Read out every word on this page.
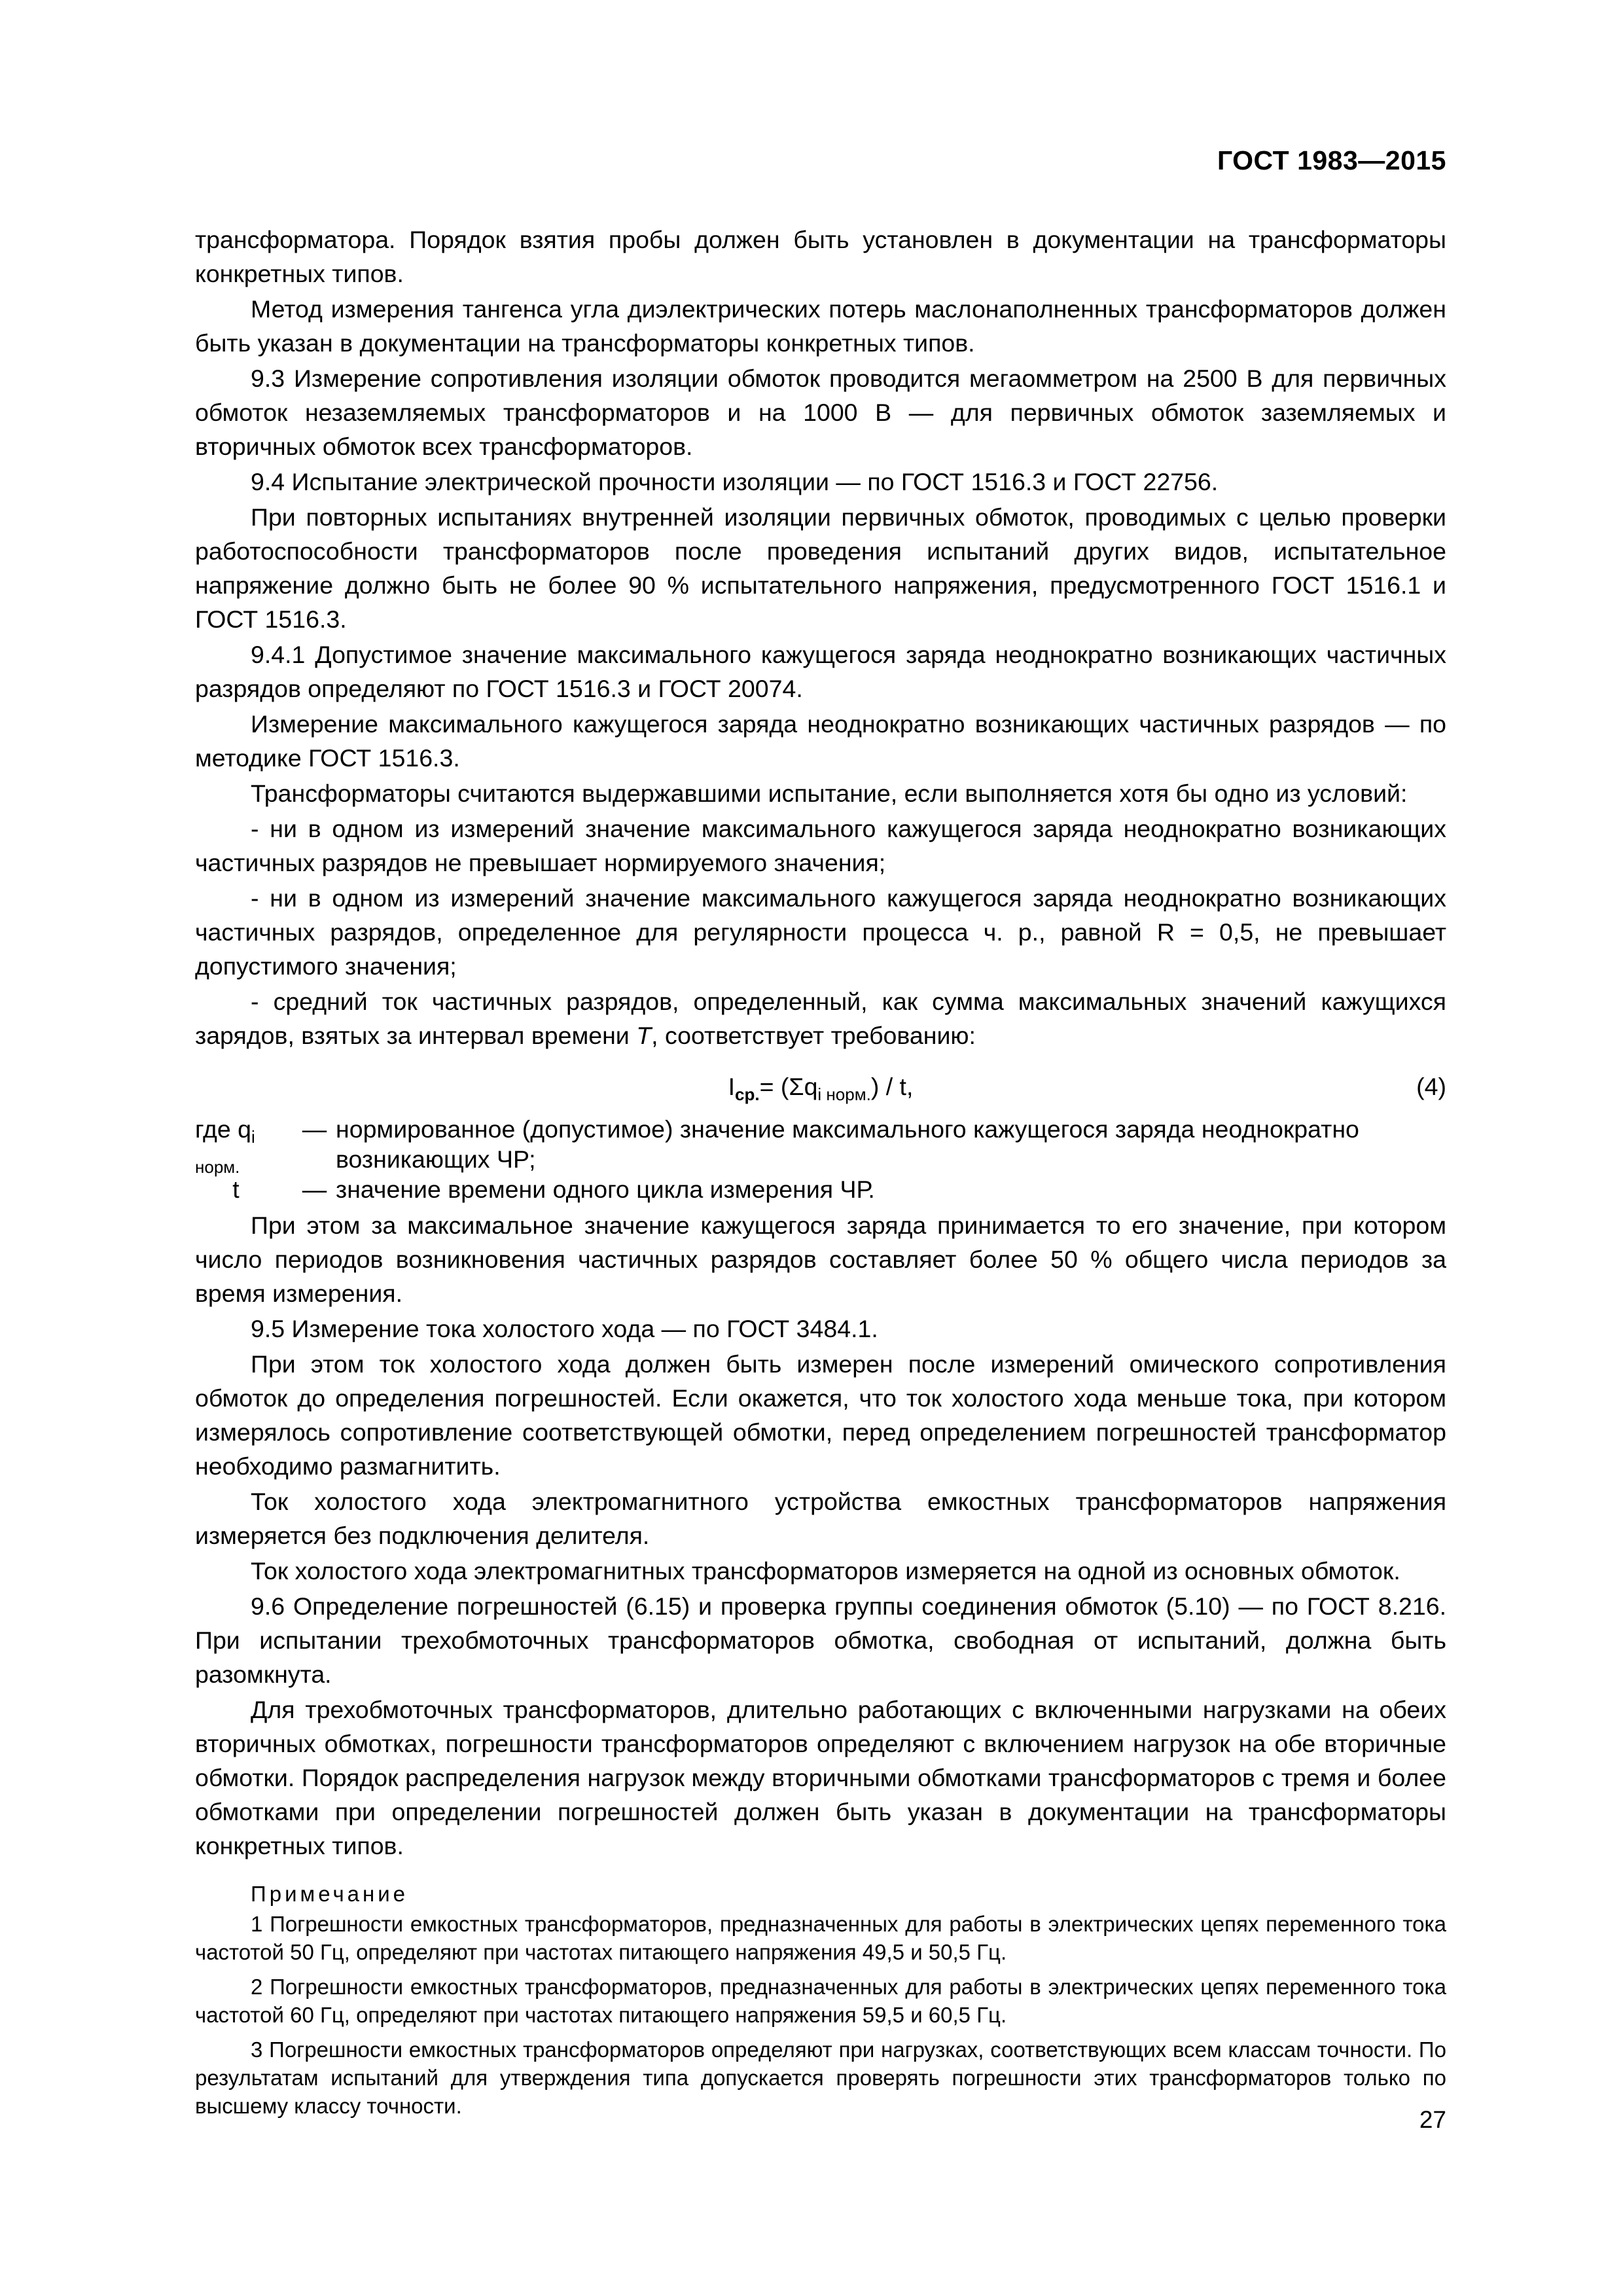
ГОСТ 1983—2015

трансформатора. Порядок взятия пробы должен быть установлен в документации на трансформаторы конкретных типов.

Метод измерения тангенса угла диэлектрических потерь маслонаполненных трансформаторов должен быть указан в документации на трансформаторы конкретных типов.

9.3 Измерение сопротивления изоляции обмоток проводится мегаомметром на 2500 В для первичных обмоток незаземляемых трансформаторов и на 1000 В — для первичных обмоток заземляемых и вторичных обмоток всех трансформаторов.

9.4 Испытание электрической прочности изоляции — по ГОСТ 1516.3 и ГОСТ 22756.

При повторных испытаниях внутренней изоляции первичных обмоток, проводимых с целью проверки работоспособности трансформаторов после проведения испытаний других видов, испытательное напряжение должно быть не более 90 % испытательного напряжения, предусмотренного ГОСТ 1516.1 и ГОСТ 1516.3.

9.4.1 Допустимое значение максимального кажущегося заряда неоднократно возникающих частичных разрядов определяют по ГОСТ 1516.3 и ГОСТ 20074.

Измерение максимального кажущегося заряда неоднократно возникающих частичных разрядов — по методике ГОСТ 1516.3.

Трансформаторы считаются выдержавшими испытание, если выполняется хотя бы одно из условий:

- ни в одном из измерений значение максимального кажущегося заряда неоднократно возникающих частичных разрядов не превышает нормируемого значения;

- ни в одном из измерений значение максимального кажущегося заряда неоднократно возникающих частичных разрядов, определенное для регулярности процесса ч. р., равной R = 0,5, не превышает допустимого значения;

- средний ток частичных разрядов, определенный, как сумма максимальных значений кажущихся зарядов, взятых за интервал времени T, соответствует требованию:

$I_{ср.}= (\Sigma q_{i норм.}) / t$,	(4)
где $q_{i норм.}$
— нормированное (допустимое) значение максимального кажущегося заряда неоднократно возникающих ЧР;
t	— значение времени одного цикла измерения ЧР.

При этом за максимальное значение кажущегося заряда принимается то его значение, при котором число периодов возникновения частичных разрядов составляет более 50 % общего числа периодов за время измерения.

9.5 Измерение тока холостого хода — по ГОСТ 3484.1.

При этом ток холостого хода должен быть измерен после измерений омического сопротивления обмоток до определения погрешностей. Если окажется, что ток холостого хода меньше тока, при котором измерялось сопротивление соответствующей обмотки, перед определением погрешностей трансформатор необходимо размагнитить.

Ток холостого хода электромагнитного устройства емкостных трансформаторов напряжения измеряется без подключения делителя.

Ток холостого хода электромагнитных трансформаторов измеряется на одной из основных обмоток.

9.6 Определение погрешностей (6.15) и проверка группы соединения обмоток (5.10) — по ГОСТ 8.216. При испытании трехобмоточных трансформаторов обмотка, свободная от испытаний, должна быть разомкнута.

Для трехобмоточных трансформаторов, длительно работающих с включенными нагрузками на обеих вторичных обмотках, погрешности трансформаторов определяют с включением нагрузок на обе вторичные обмотки. Порядок распределения нагрузок между вторичными обмотками трансформаторов с тремя и более обмотками при определении погрешностей должен быть указан в документации на трансформаторы конкретных типов.

Примечание

1 Погрешности емкостных трансформаторов, предназначенных для работы в электрических цепях переменного тока частотой 50 Гц, определяют при частотах питающего напряжения 49,5 и 50,5 Гц.

2 Погрешности емкостных трансформаторов, предназначенных для работы в электрических цепях переменного тока частотой 60 Гц, определяют при частотах питающего напряжения 59,5 и 60,5 Гц.

3 Погрешности емкостных трансформаторов определяют при нагрузках, соответствующих всем классам точности. По результатам испытаний для утверждения типа допускается проверять погрешности этих трансформаторов только по высшему классу точности.

27
